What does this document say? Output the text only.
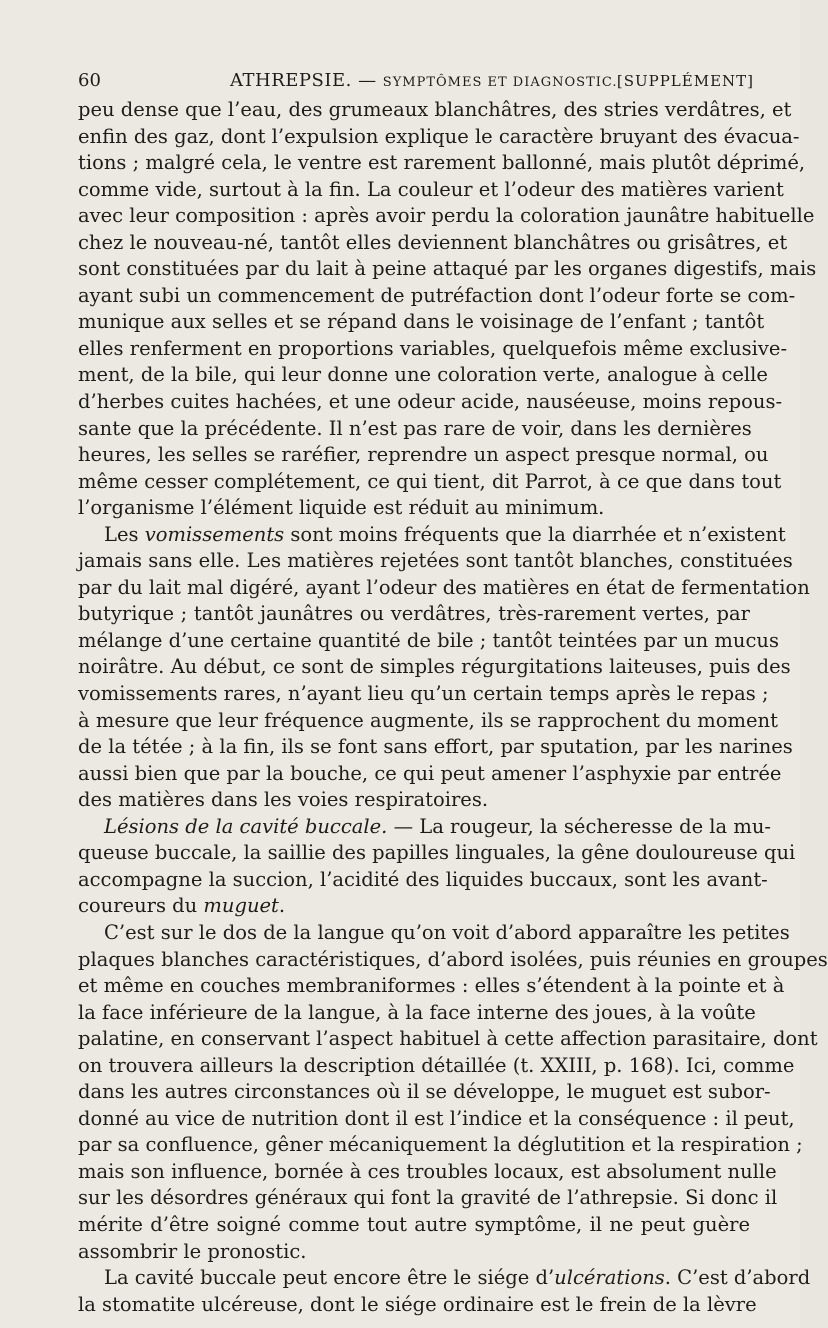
60	ATHREPSIE. — SYMPTÔMES ET DIAGNOSTIC. [SUPPLÉMENT]
peu dense que l’eau, des grumeaux blanchâtres, des stries verdâtres, et
enfin des gaz, dont l’expulsion explique le caractère bruyant des évacua-
tions ; malgré cela, le ventre est rarement ballonné, mais plutôt déprimé,
comme vide, surtout à la fin. La couleur et l’odeur des matières varient
avec leur composition : après avoir perdu la coloration jaunâtre habituelle
chez le nouveau-né, tantôt elles deviennent blanchâtres ou grisâtres, et
sont constituées par du lait à peine attaqué par les organes digestifs, mais
ayant subi un commencement de putréfaction dont l’odeur forte se com-
munique aux selles et se répand dans le voisinage de l’enfant ; tantôt
elles renferment en proportions variables, quelquefois même exclusive-
ment, de la bile, qui leur donne une coloration verte, analogue à celle
d’herbes cuites hachées, et une odeur acide, nauséeuse, moins repous-
sante que la précédente. Il n’est pas rare de voir, dans les dernières
heures, les selles se raréfier, reprendre un aspect presque normal, ou
même cesser complétement, ce qui tient, dit Parrot, à ce que dans tout
l’organisme l’élément liquide est réduit au minimum.
Les vomissements sont moins fréquents que la diarrhée et n’existent
jamais sans elle. Les matières rejetées sont tantôt blanches, constituées
par du lait mal digéré, ayant l’odeur des matières en état de fermentation
butyrique ; tantôt jaunâtres ou verdâtres, très-rarement vertes, par
mélange d’une certaine quantité de bile ; tantôt teintées par un mucus
noirâtre. Au début, ce sont de simples régurgitations laiteuses, puis des
vomissements rares, n’ayant lieu qu’un certain temps après le repas ;
à mesure que leur fréquence augmente, ils se rapprochent du moment
de la tétée ; à la fin, ils se font sans effort, par sputation, par les narines
aussi bien que par la bouche, ce qui peut amener l’asphyxie par entrée
des matières dans les voies respiratoires.
Lésions de la cavité buccale. — La rougeur, la sécheresse de la mu-
queuse buccale, la saillie des papilles linguales, la gêne douloureuse qui
accompagne la succion, l’acidité des liquides buccaux, sont les avant-
coureurs du muguet.
C’est sur le dos de la langue qu’on voit d’abord apparaître les petites
plaques blanches caractéristiques, d’abord isolées, puis réunies en groupes
et même en couches membraniformes : elles s’étendent à la pointe et à
la face inférieure de la langue, à la face interne des joues, à la voûte
palatine, en conservant l’aspect habituel à cette affection parasitaire, dont
on trouvera ailleurs la description détaillée (t. XXIII, p. 168). Ici, comme
dans les autres circonstances où il se développe, le muguet est subor-
donné au vice de nutrition dont il est l’indice et la conséquence : il peut,
par sa confluence, gêner mécaniquement la déglutition et la respiration ;
mais son influence, bornée à ces troubles locaux, est absolument nulle
sur les désordres généraux qui font la gravité de l’athrepsie. Si donc il
mérite d’être soigné comme tout autre symptôme, il ne peut guère
assombrir le pronostic.
La cavité buccale peut encore être le siége d’ulcérations. C’est d’abord
la stomatite ulcéreuse, dont le siége ordinaire est le frein de la lèvre
